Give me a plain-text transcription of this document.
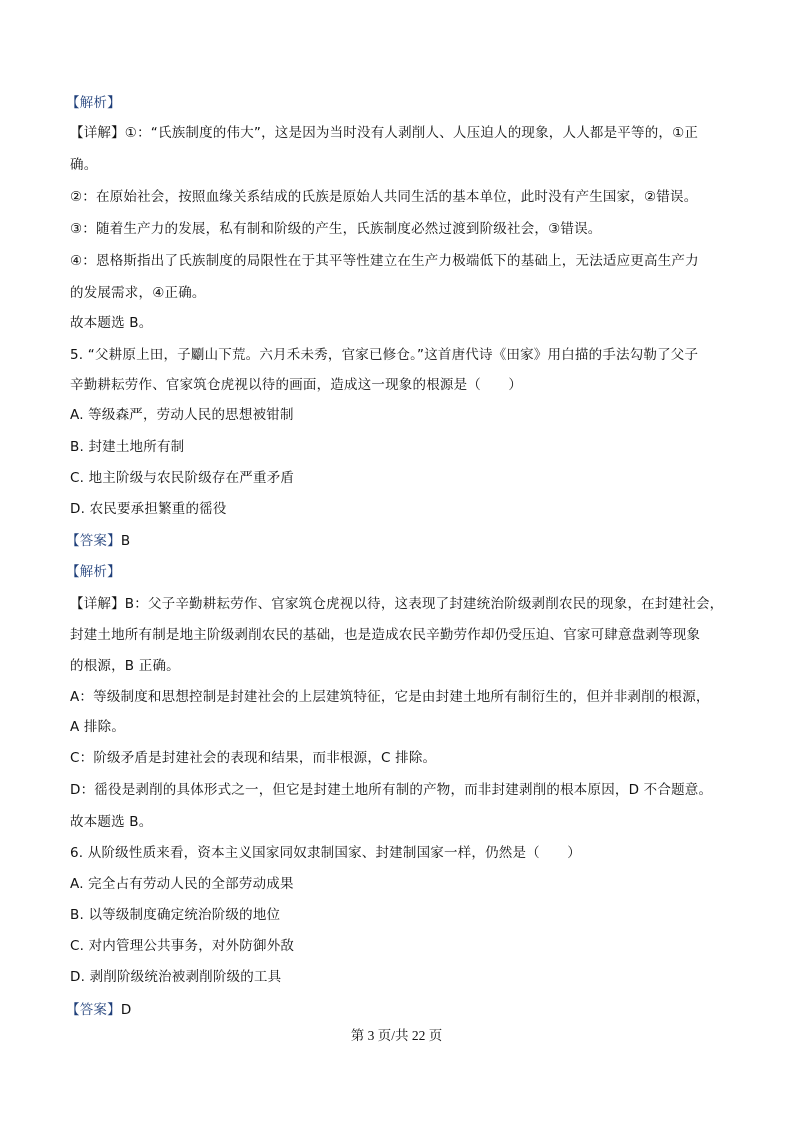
【解析】
【详解】①：“氏族制度的伟大”，这是因为当时没有人剥削人、人压迫人的现象，人人都是平等的，①正
确。
②：在原始社会，按照血缘关系结成的氏族是原始人共同生活的基本单位，此时没有产生国家，②错误。
③：随着生产力的发展，私有制和阶级的产生，氏族制度必然过渡到阶级社会，③错误。
④：恩格斯指出了氏族制度的局限性在于其平等性建立在生产力极端低下的基础上，无法适应更高生产力
的发展需求，④正确。
故本题选 B。
5. “父耕原上田，子劚山下荒。六月禾未秀，官家已修仓。”这首唐代诗《田家》用白描的手法勾勒了父子
辛勤耕耘劳作、官家筑仓虎视以待的画面，造成这一现象的根源是（　　）
A. 等级森严，劳动人民的思想被钳制
B. 封建土地所有制
C. 地主阶级与农民阶级存在严重矛盾
D. 农民要承担繁重的徭役
【答案】B
【解析】
【详解】B：父子辛勤耕耘劳作、官家筑仓虎视以待，这表现了封建统治阶级剥削农民的现象，在封建社会，
封建土地所有制是地主阶级剥削农民的基础，也是造成农民辛勤劳作却仍受压迫、官家可肆意盘剥等现象
的根源，B 正确。
A：等级制度和思想控制是封建社会的上层建筑特征，它是由封建土地所有制衍生的，但并非剥削的根源，
A 排除。
C：阶级矛盾是封建社会的表现和结果，而非根源，C 排除。
D：徭役是剥削的具体形式之一，但它是封建土地所有制的产物，而非封建剥削的根本原因，D 不合题意。
故本题选 B。
6. 从阶级性质来看，资本主义国家同奴隶制国家、封建制国家一样，仍然是（　　）
A. 完全占有劳动人民的全部劳动成果
B. 以等级制度确定统治阶级的地位
C. 对内管理公共事务，对外防御外敌
D. 剥削阶级统治被剥削阶级的工具
【答案】D
第 3 页/共 22 页
